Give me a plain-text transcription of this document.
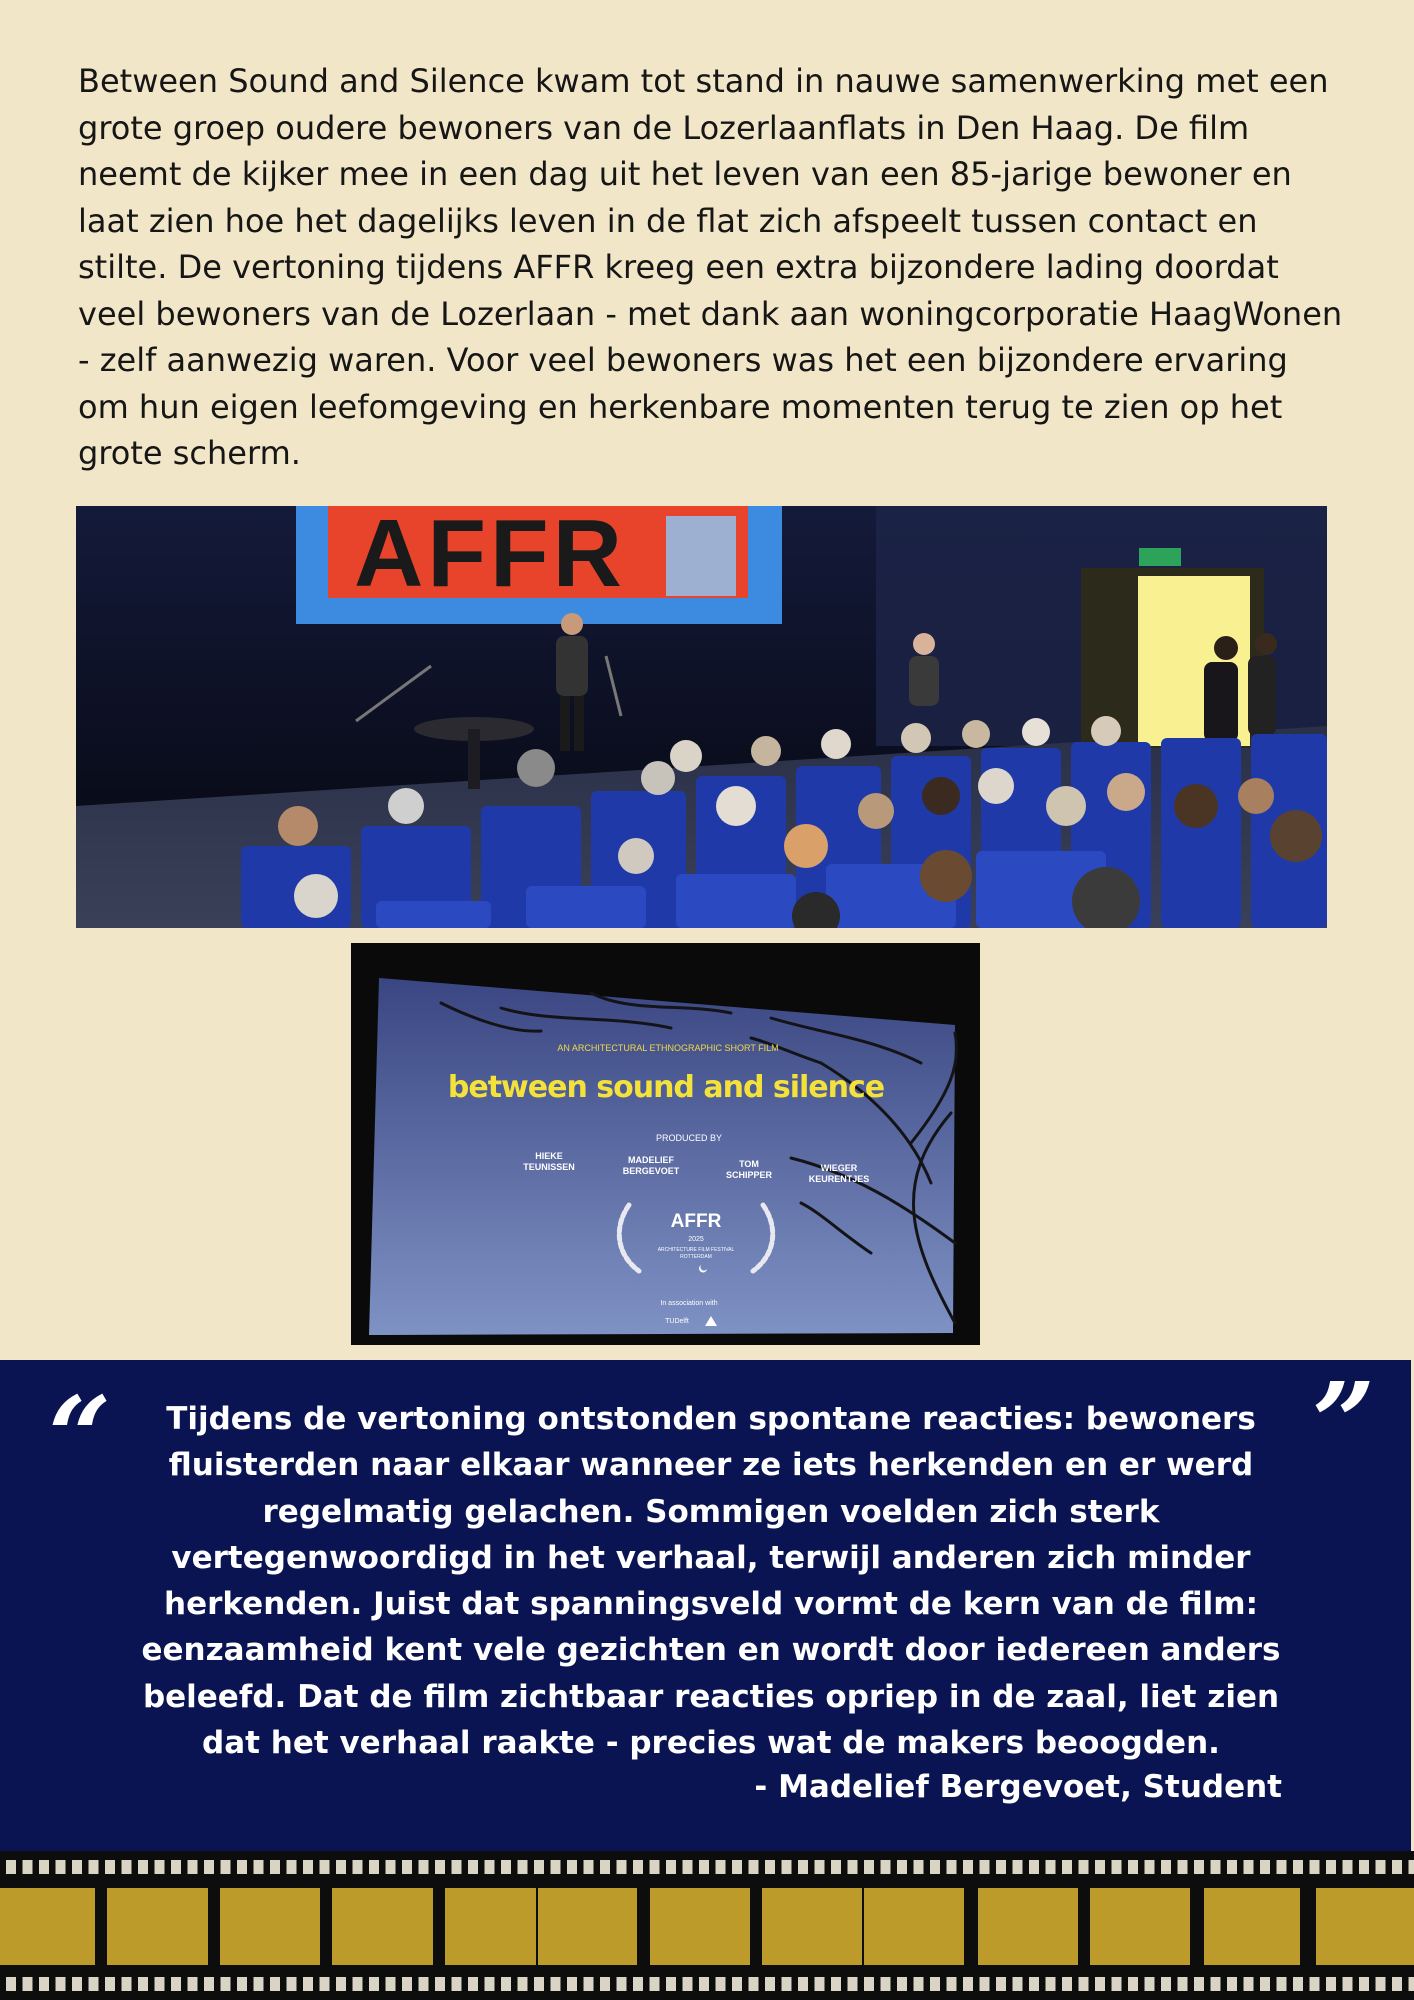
Between Sound and Silence kwam tot stand in nauwe samenwerking met een grote groep oudere bewoners van de Lozerlaanflats in Den Haag. De film neemt de kijker mee in een dag uit het leven van een 85-jarige bewoner en laat zien hoe het dagelijks leven in de flat zich afspeelt tussen contact en stilte. De vertoning tijdens AFFR kreeg een extra bijzondere lading doordat veel bewoners van de Lozerlaan - met dank aan woningcorporatie HaagWonen - zelf aanwezig waren. Voor veel bewoners was het een bijzondere ervaring om hun eigen leefomgeving en herkenbare momenten terug te zien op het grote scherm.

AFFR
AN ARCHITECTURAL ETHNOGRAPHIC SHORT FILM
between sound and silence
PRODUCED BY
HIEKE
TEUNISSEN
MADELIEF
BERGEVOET
TOM
SCHIPPER
WIEGER
KEURENTJES
AFFR
2025
ARCHITECTURE FILM FESTIVAL
ROTTERDAM
In association with
TUDelft
“	”

Tijdens de vertoning ontstonden spontane reacties: bewoners fluisterden naar elkaar wanneer ze iets herkenden en er werd regelmatig gelachen. Sommigen voelden zich sterk vertegenwoordigd in het verhaal, terwijl anderen zich minder herkenden. Juist dat spanningsveld vormt de kern van de film: eenzaamheid kent vele gezichten en wordt door iedereen anders beleefd. Dat de film zichtbaar reacties opriep in de zaal, liet zien dat het verhaal raakte - precies wat de makers beoogden.

- Madelief Bergevoet, Student
